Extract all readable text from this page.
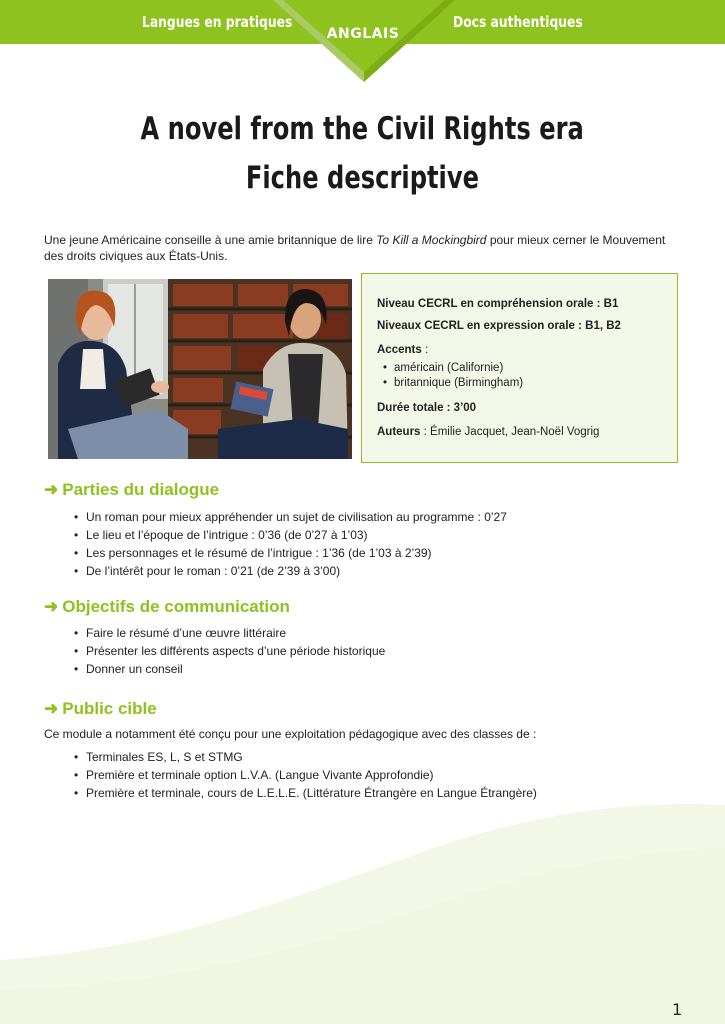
Langues en pratiques	Docs authentiques
ANGLAIS
A novel from the Civil Rights era
Fiche descriptive
Une jeune Américaine conseille à une amie britannique de lire To Kill a Mockingbird pour mieux cerner le Mouvement des droits civiques aux États-Unis.
Niveau CECRL en compréhension orale : B1
Niveaux CECRL en expression orale : B1, B2
Accents :
• américain (Californie)
• britannique (Birmingham)
Durée totale : 3’00
Auteurs : Émilie Jacquet, Jean-Noël Vogrig
➜ Parties du dialogue
• Un roman pour mieux appréhender un sujet de civilisation au programme : 0’27
• Le lieu et l’époque de l’intrigue : 0’36 (de 0’27 à 1’03)
• Les personnages et le résumé de l’intrigue : 1’36 (de 1’03 à 2’39)
• De l’intérêt pour le roman : 0’21 (de 2’39 à 3’00)
➜ Objectifs de communication
• Faire le résumé d’une œuvre littéraire
• Présenter les différents aspects d’une période historique
• Donner un conseil
➜ Public cible
Ce module a notamment été conçu pour une exploitation pédagogique avec des classes de :
• Terminales ES, L, S et STMG
• Première et terminale option L.V.A. (Langue Vivante Approfondie)
• Première et terminale, cours de L.E.L.E. (Littérature Étrangère en Langue Étrangère)
1
